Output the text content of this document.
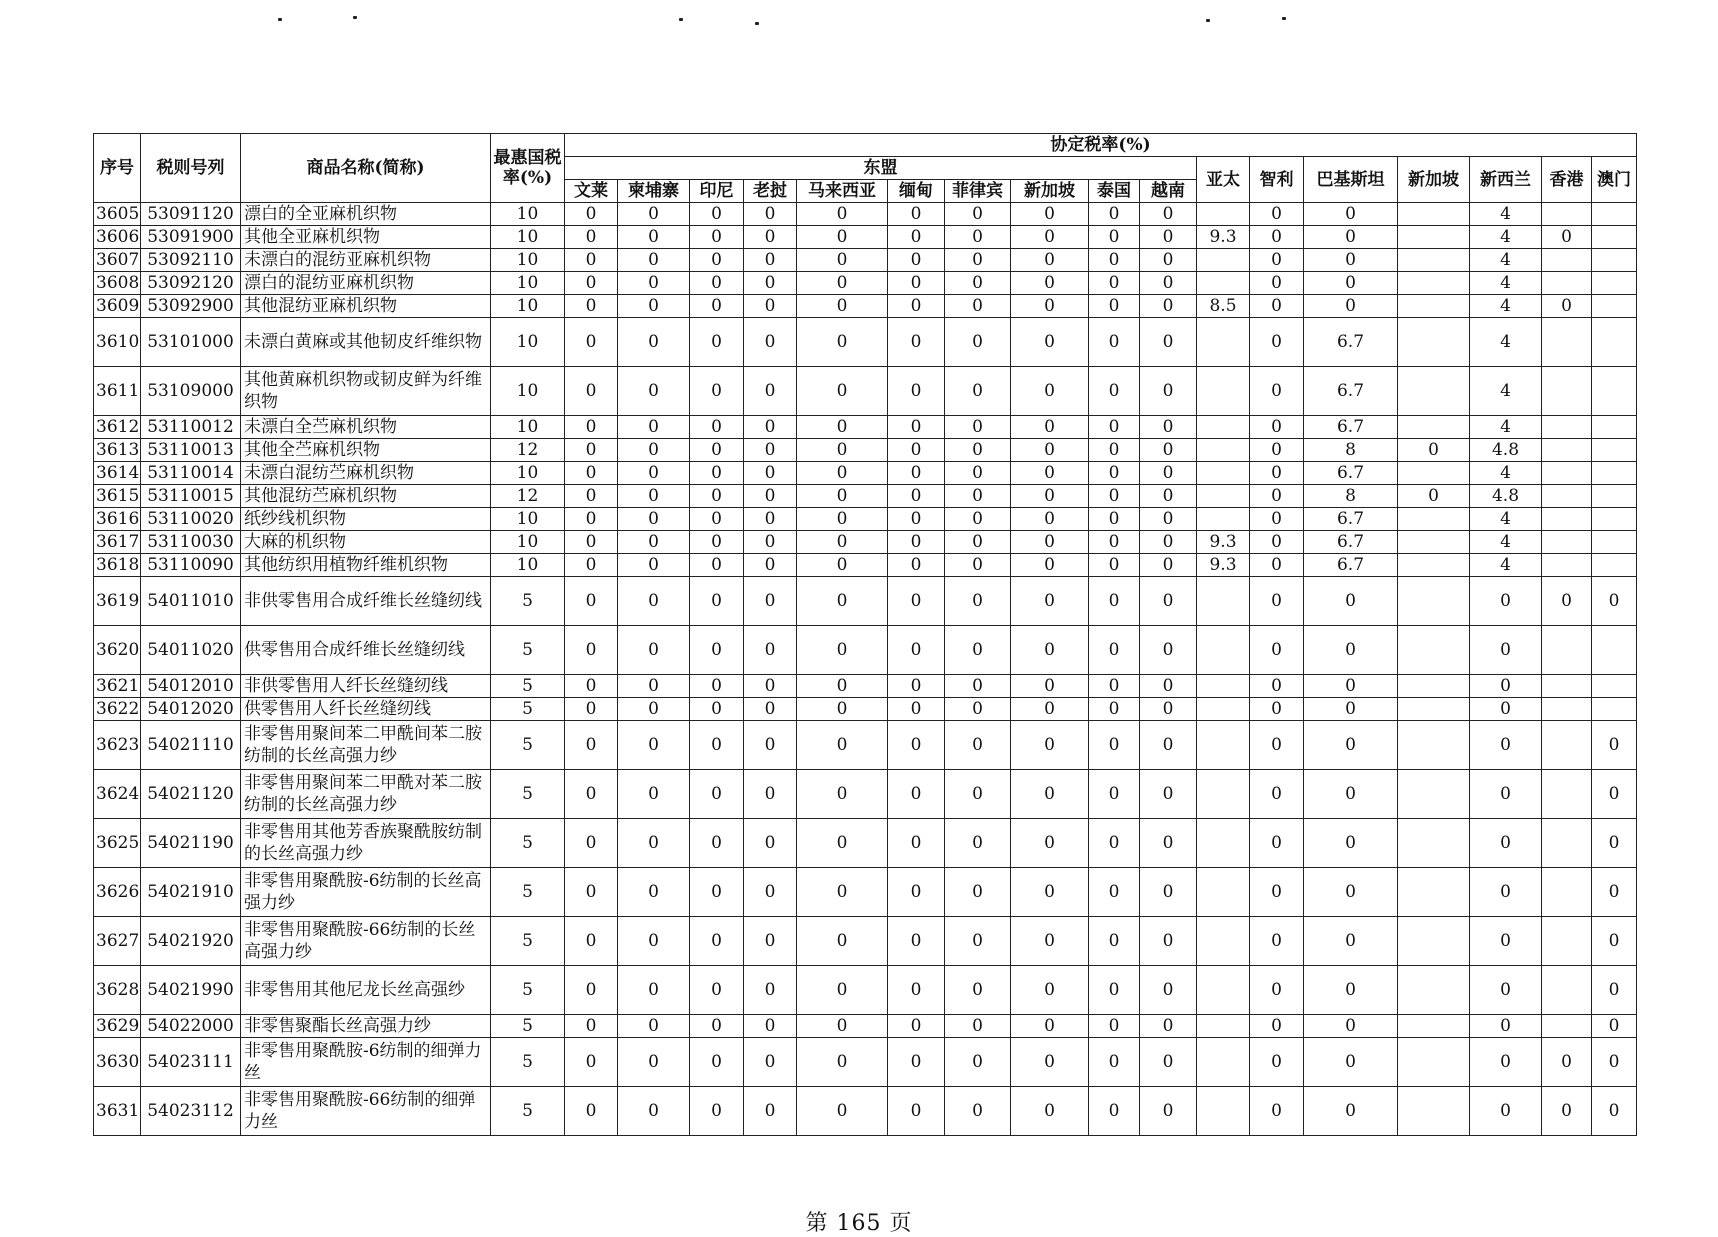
序号	税则号列	商品名称(简称)	最惠国税率(%)	协定税率(%)																
				东盟										亚太	智利	巴基斯坦	新加坡	新西兰	香港	澳门
				文莱	柬埔寨	印尼	老挝	马来西亚	缅甸	菲律宾	新加坡	泰国	越南							
3605	53091120	漂白的全亚麻机织物	10	0	0	0	0	0	0	0	0	0	0		0	0		4		
3606	53091900	其他全亚麻机织物	10	0	0	0	0	0	0	0	0	0	0	9.3	0	0		4	0	
3607	53092110	未漂白的混纺亚麻机织物	10	0	0	0	0	0	0	0	0	0	0		0	0		4		
3608	53092120	漂白的混纺亚麻机织物	10	0	0	0	0	0	0	0	0	0	0		0	0		4		
3609	53092900	其他混纺亚麻机织物	10	0	0	0	0	0	0	0	0	0	0	8.5	0	0		4	0	
3610	53101000	未漂白黄麻或其他韧皮纤维织物	10	0	0	0	0	0	0	0	0	0	0		0	6.7		4		
3611	53109000	其他黄麻机织物或韧皮鲜为纤维织物	10	0	0	0	0	0	0	0	0	0	0		0	6.7		4		
3612	53110012	未漂白全苎麻机织物	10	0	0	0	0	0	0	0	0	0	0		0	6.7		4		
3613	53110013	其他全苎麻机织物	12	0	0	0	0	0	0	0	0	0	0		0	8	0	4.8		
3614	53110014	未漂白混纺苎麻机织物	10	0	0	0	0	0	0	0	0	0	0		0	6.7		4		
3615	53110015	其他混纺苎麻机织物	12	0	0	0	0	0	0	0	0	0	0		0	8	0	4.8		
3616	53110020	纸纱线机织物	10	0	0	0	0	0	0	0	0	0	0		0	6.7		4		
3617	53110030	大麻的机织物	10	0	0	0	0	0	0	0	0	0	0	9.3	0	6.7		4		
3618	53110090	其他纺织用植物纤维机织物	10	0	0	0	0	0	0	0	0	0	0	9.3	0	6.7		4		
3619	54011010	非供零售用合成纤维长丝缝纫线	5	0	0	0	0	0	0	0	0	0	0		0	0		0	0	0
3620	54011020	供零售用合成纤维长丝缝纫线	5	0	0	0	0	0	0	0	0	0	0		0	0		0		
3621	54012010	非供零售用人纤长丝缝纫线	5	0	0	0	0	0	0	0	0	0	0		0	0		0		
3622	54012020	供零售用人纤长丝缝纫线	5	0	0	0	0	0	0	0	0	0	0		0	0		0		
3623	54021110	非零售用聚间苯二甲酰间苯二胺纺制的长丝高强力纱	5	0	0	0	0	0	0	0	0	0	0		0	0		0		0
3624	54021120	非零售用聚间苯二甲酰对苯二胺纺制的长丝高强力纱	5	0	0	0	0	0	0	0	0	0	0		0	0		0		0
3625	54021190	非零售用其他芳香族聚酰胺纺制的长丝高强力纱	5	0	0	0	0	0	0	0	0	0	0		0	0		0		0
3626	54021910	非零售用聚酰胺-6纺制的长丝高强力纱	5	0	0	0	0	0	0	0	0	0	0		0	0		0		0
3627	54021920	非零售用聚酰胺-66纺制的长丝高强力纱	5	0	0	0	0	0	0	0	0	0	0		0	0		0		0
3628	54021990	非零售用其他尼龙长丝高强纱	5	0	0	0	0	0	0	0	0	0	0		0	0		0		0
3629	54022000	非零售聚酯长丝高强力纱	5	0	0	0	0	0	0	0	0	0	0		0	0		0		0
3630	54023111	非零售用聚酰胺-6纺制的细弹力丝	5	0	0	0	0	0	0	0	0	0	0		0	0		0	0	0
3631	54023112	非零售用聚酰胺-66纺制的细弹力丝	5	0	0	0	0	0	0	0	0	0	0		0	0		0	0	0
第 165 页
